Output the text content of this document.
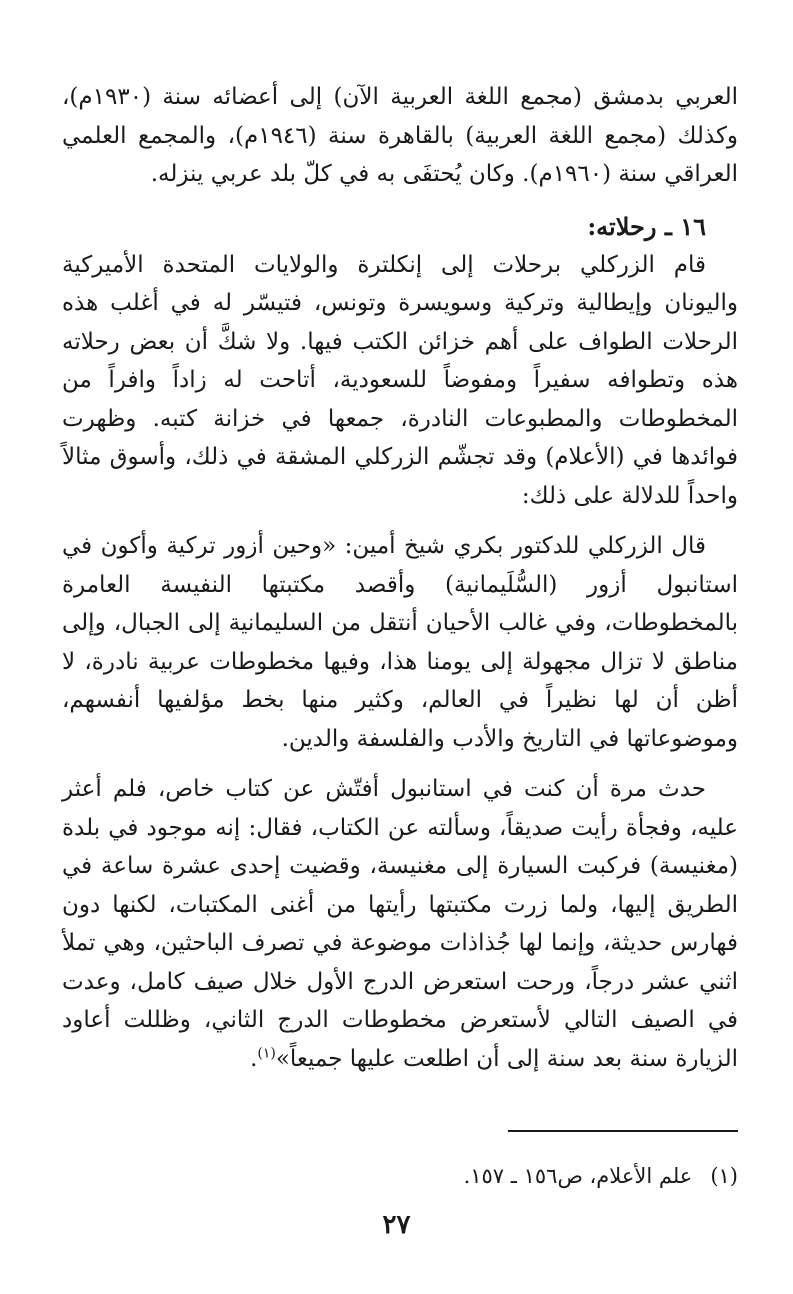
العربي بدمشق (مجمع اللغة العربية الآن) إلى أعضائه سنة (١٩٣٠م)، وكذلك (مجمع اللغة العربية) بالقاهرة سنة (١٩٤٦م)، والمجمع العلمي العراقي سنة (١٩٦٠م). وكان يُحتفَى به في كلّ بلد عربي ينزله.

١٦ ـ رحلاته:

قام الزركلي برحلات إلى إنكلترة والولايات المتحدة الأميركية واليونان وإيطالية وتركية وسويسرة وتونس، فتيسّر له في أغلب هذه الرحلات الطواف على أهم خزائن الكتب فيها. ولا شكَّ أن بعض رحلاته هذه وتطوافه سفيراً ومفوضاً للسعودية، أتاحت له زاداً وافراً من المخطوطات والمطبوعات النادرة، جمعها في خزانة كتبه. وظهرت فوائدها في (الأعلام) وقد تجشّم الزركلي المشقة في ذلك، وأسوق مثالاً واحداً للدلالة على ذلك:

قال الزركلي للدكتور بكري شيخ أمين: «وحين أزور تركية وأكون في استانبول أزور (السُّلَيمانية) وأقصد مكتبتها النفيسة العامرة بالمخطوطات، وفي غالب الأحيان أنتقل من السليمانية إلى الجبال، وإلى مناطق لا تزال مجهولة إلى يومنا هذا، وفيها مخطوطات عربية نادرة، لا أظن أن لها نظيراً في العالم، وكثير منها بخط مؤلفيها أنفسهم، وموضوعاتها في التاريخ والأدب والفلسفة والدين.

حدث مرة أن كنت في استانبول أفتّش عن كتاب خاص، فلم أعثر عليه، وفجأة رأيت صديقاً، وسألته عن الكتاب، فقال: إنه موجود في بلدة (مغنيسة) فركبت السيارة إلى مغنيسة، وقضيت إحدى عشرة ساعة في الطريق إليها، ولما زرت مكتبتها رأيتها من أغنى المكتبات، لكنها دون فهارس حديثة، وإنما لها جُذاذات موضوعة في تصرف الباحثين، وهي تملأ اثني عشر درجاً، ورحت استعرض الدرج الأول خلال صيف كامل، وعدت في الصيف التالي لأستعرض مخطوطات الدرج الثاني، وظللت أعاود الزيارة سنة بعد سنة إلى أن اطلعت عليها جميعاً»$^{(١)}$.

(١)علم الأعلام، ص١٥٦ ـ ١٥٧.

٢٧
